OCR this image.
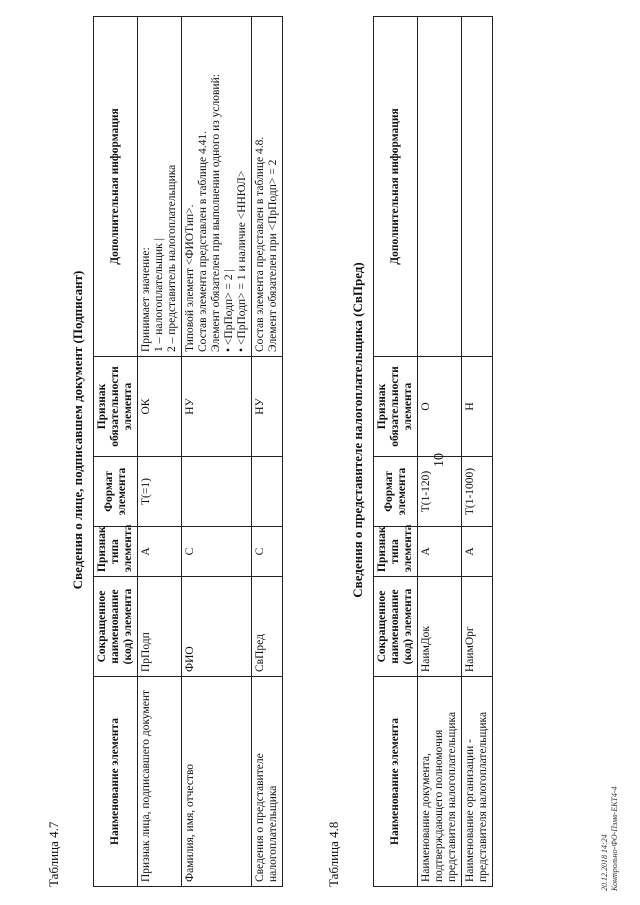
10
Таблица 4.7
Сведения о лице, подписавшем документ (Подписант)
Наименование элемента	Сокращенное наименование (код) элемента	Признак типа элемента	Формат элемента	Признак обязательности элемента	Дополнительная информация
Признак лица, подписавшего документ	ПрПодп	А	Т(=1)	ОК	Принимает значение: 1 – налогоплательщик | 2 – представитель налогоплательщика

Фамилия, имя, отчество	ФИО	С		НУ	Типовой элемент <ФИОТип>. Состав элемента представлен в таблице 4.41. Элемент обязателен при выполнении одного из условий: • <ПрПодп> = 2 | • <ПрПодп> = 1 и наличие <ННЮЛ>

Сведения о представителе налогоплательщика	СвПред	С		НУ	Состав элемента представлен в таблице 4.8. Элемент обязателен при <ПрПодп> = 2
Таблица 4.8
Сведения о представителе налогоплательщика (СвПред)
Наименование элемента	Сокращенное наименование (код) элемента	Признак типа элемента	Формат элемента	Признак обязательности элемента	Дополнительная информация
Наименование документа, подтверждающего полномочия представителя налогоплательщика	НаимДок	А	Т(1-120)	О	
Наименование организации - представителя налогоплательщика	НаимОрг	А	Т(1-1000)	Н	
20.12.2018 14:24 Контрольно-ФО-Пзмв-ЕКТ4-4
